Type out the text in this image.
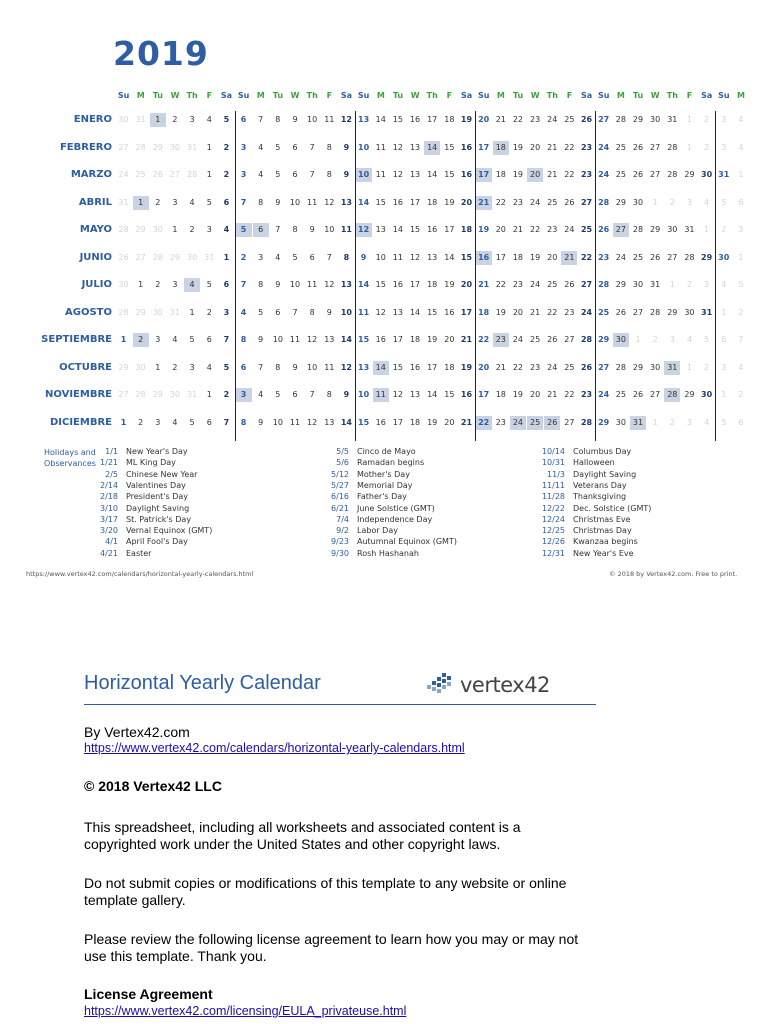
2019
Su M	Tu W Th	F	Sa Su M	Tu W Th	F	Sa Su M	Tu W Th	F	Sa Su M	Tu W Th	F	Sa Su M	Tu W Th	F	Sa Su M
ENERO 30 31	1	2	3	4	5	6	7	8	9	10 11 12 13 14 15 16 17 18 19 20 21 22 23 24 25 26 27 28 29 30 31	1	2	3	4
FEBRERO 27 28 29 30 31	1	2	3	4	5	6	7	8	9	10 11 12 13 14 15 16 17 18 19 20 21 22 23 24 25 26 27 28	1	2	3	4
MARZO 24 25 26 27 28	1	2	3	4	5	6	7	8	9	10 11 12 13 14 15 16 17 18 19 20 21 22 23 24 25 26 27 28 29 30 31	1
ABRIL 31	1	2	3	4	5	6	7	8	9	10 11 12 13 14 15 16 17 18 19 20 21 22 23 24 25 26 27 28 29 30	1	2	3	4	5	6
MAYO 28 29 30	1	2	3	4	5	6	7	8	9	10 11 12 13 14 15 16 17 18 19 20 21 22 23 24 25 26 27 28 29 30 31	1	2	3
JUNIO 26 27 28 29 30 31	1	2	3	4	5	6	7	8	9	10 11 12 13 14 15 16 17 18 19 20 21 22 23 24 25 26 27 28 29 30	1
JULIO 30	1	2	3	4	5	6	7	8	9	10 11 12 13 14 15 16 17 18 19 20 21 22 23 24 25 26 27 28 29 30 31	1	2	3	4	5
AGOSTO 28 29 30 31	1	2	3	4	5	6	7	8	9	10 11 12 13 14 15 16 17 18 19 20 21 22 23 24 25 26 27 28 29 30 31	1	2
SEPTIEMBRE	1	2	3	4	5	6	7	8	9	10 11 12 13 14 15 16 17 18 19 20 21 22 23 24 25 26 27 28 29 30	1	2	3	4	5	6	7
OCTUBRE 29 30	1	2	3	4	5	6	7	8	9	10 11 12 13 14 15 16 17 18 19 20 21 22 23 24 25 26 27 28 29 30 31	1	2	3	4
NOVIEMBRE 27 28 29 30 31	1	2	3	4	5	6	7	8	9	10 11 12 13 14 15 16 17 18 19 20 21 22 23 24 25 26 27 28 29 30	1	2
DICIEMBRE	1	2	3	4	5	6	7	8	9	10 11 12 13 14 15 16 17 18 19 20 21 22 23 24 25 26 27 28 29 30 31	1	2	3	4	5	6
Holidays and Observances
1/1 New Year's Day
1/21 ML King Day
2/5 Chinese New Year
2/14 Valentines Day
2/18 President's Day
3/10 Daylight Saving
3/17 St. Patrick's Day
3/20 Vernal Equinox (GMT)
4/1 April Fool's Day
4/21 Easter
5/5 Cinco de Mayo
5/6 Ramadan begins
5/12 Mother's Day
5/27 Memorial Day
6/16 Father's Day
6/21 June Solstice (GMT)
7/4 Independence Day
9/2 Labor Day
9/23 Autumnal Equinox (GMT)
9/30 Rosh Hashanah
10/14 Columbus Day
10/31 Halloween
11/3 Daylight Saving
11/11 Veterans Day
11/28 Thanksgiving
12/22 Dec. Solstice (GMT)
12/24 Christmas Eve
12/25 Christmas Day
12/26 Kwanzaa begins
12/31 New Year's Eve
https://www.vertex42.com/calendars/horizontal-yearly-calendars.html	© 2018 by Vertex42.com. Free to print.
Horizontal Yearly Calendar	vertex42
By Vertex42.com
https://www.vertex42.com/calendars/horizontal-yearly-calendars.html
© 2018 Vertex42 LLC
This spreadsheet, including all worksheets and associated content is a copyrighted work under the United States and other copyright laws.
Do not submit copies or modifications of this template to any website or online template gallery.
Please review the following license agreement to learn how you may or may not use this template. Thank you.
License Agreement
https://www.vertex42.com/licensing/EULA_privateuse.html
